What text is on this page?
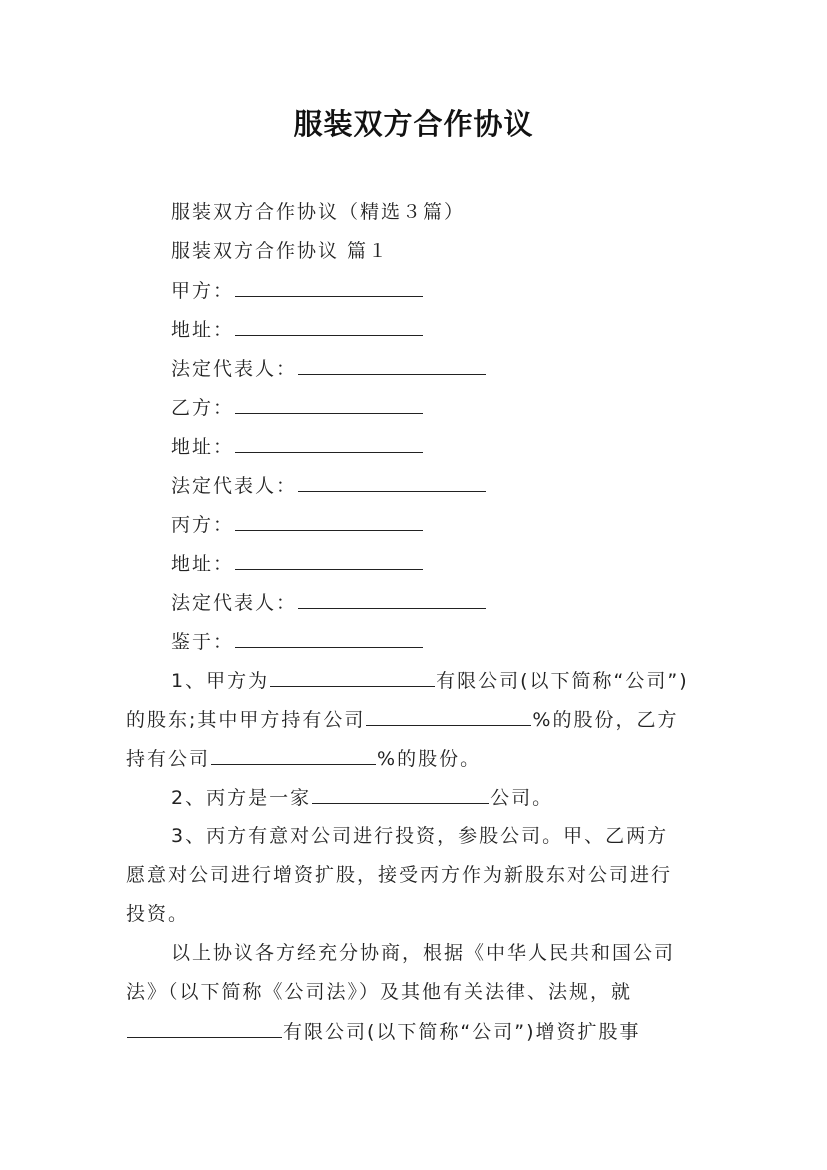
服装双方合作协议
服装双方合作协议（精选３篇）
服装双方合作协议 篇１
甲方：
地址：
法定代表人：
乙方：
地址：
法定代表人：
丙方：
地址：
法定代表人：
鉴于：
1、甲方为	有限公司(以下简称“公司”)
的股东;其中甲方持有公司	%的股份，乙方
持有公司	%的股份。
2、丙方是一家	公司。
3、丙方有意对公司进行投资，参股公司。甲、乙两方
愿意对公司进行增资扩股，接受丙方作为新股东对公司进行
投资。
以上协议各方经充分协商，根据《中华人民共和国公司
法》（以下简称《公司法》）及其他有关法律、法规，就
有限公司(以下简称“公司”)增资扩股事
